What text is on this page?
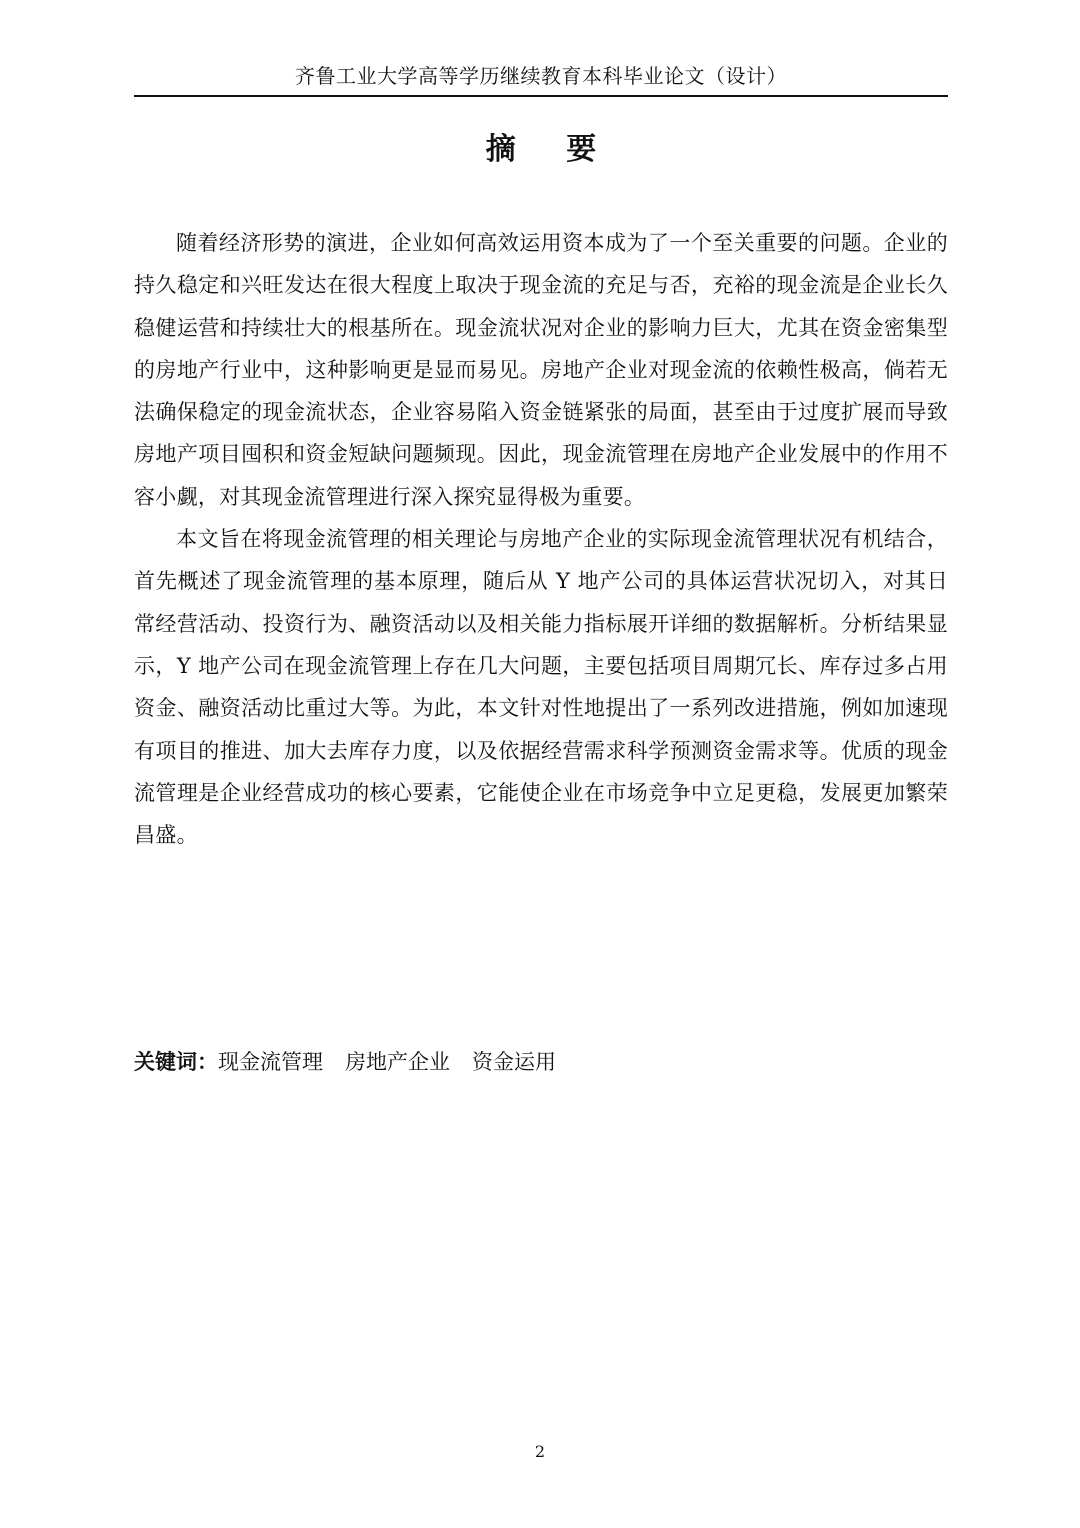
齐鲁工业大学高等学历继续教育本科毕业论文（设计）
摘 要

随着经济形势的演进，企业如何高效运用资本成为了一个至关重要的问题。企业的持久稳定和兴旺发达在很大程度上取决于现金流的充足与否，充裕的现金流是企业长久稳健运营和持续壮大的根基所在。现金流状况对企业的影响力巨大，尤其在资金密集型的房地产行业中，这种影响更是显而易见。房地产企业对现金流的依赖性极高，倘若无法确保稳定的现金流状态，企业容易陷入资金链紧张的局面，甚至由于过度扩展而导致房地产项目囤积和资金短缺问题频现。因此，现金流管理在房地产企业发展中的作用不容小觑，对其现金流管理进行深入探究显得极为重要。

本文旨在将现金流管理的相关理论与房地产企业的实际现金流管理状况有机结合，首先概述了现金流管理的基本原理，随后从 Y 地产公司的具体运营状况切入，对其日常经营活动、投资行为、融资活动以及相关能力指标展开详细的数据解析。分析结果显示，Y 地产公司在现金流管理上存在几大问题，主要包括项目周期冗长、库存过多占用资金、融资活动比重过大等。为此，本文针对性地提出了一系列改进措施，例如加速现有项目的推进、加大去库存力度，以及依据经营需求科学预测资金需求等。优质的现金流管理是企业经营成功的核心要素，它能使企业在市场竞争中立足更稳，发展更加繁荣昌盛。

关键词：现金流管理 房地产企业 资金运用
2
